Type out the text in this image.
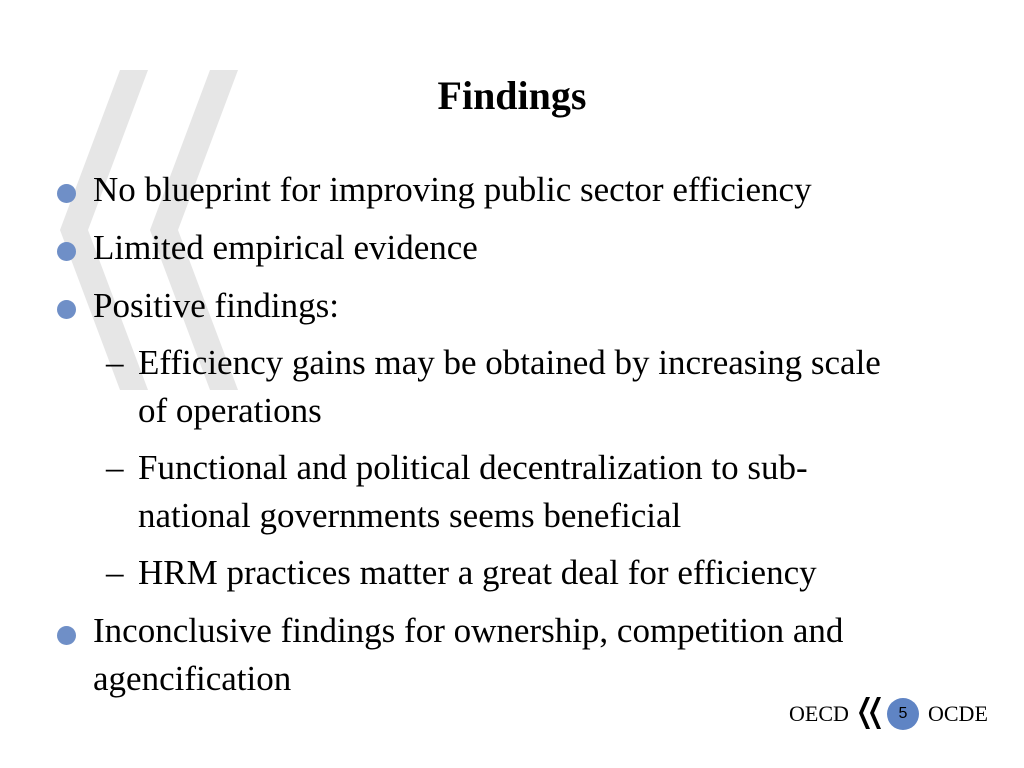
Findings
No blueprint for improving public sector efficiency
Limited empirical evidence
Positive findings:
– Efficiency gains may be obtained by increasing scale of operations
– Functional and political decentralization to sub-national governments seems beneficial
– HRM practices matter a great deal for efficiency
Inconclusive findings for ownership, competition and agencification
OECD	5 OCDE
